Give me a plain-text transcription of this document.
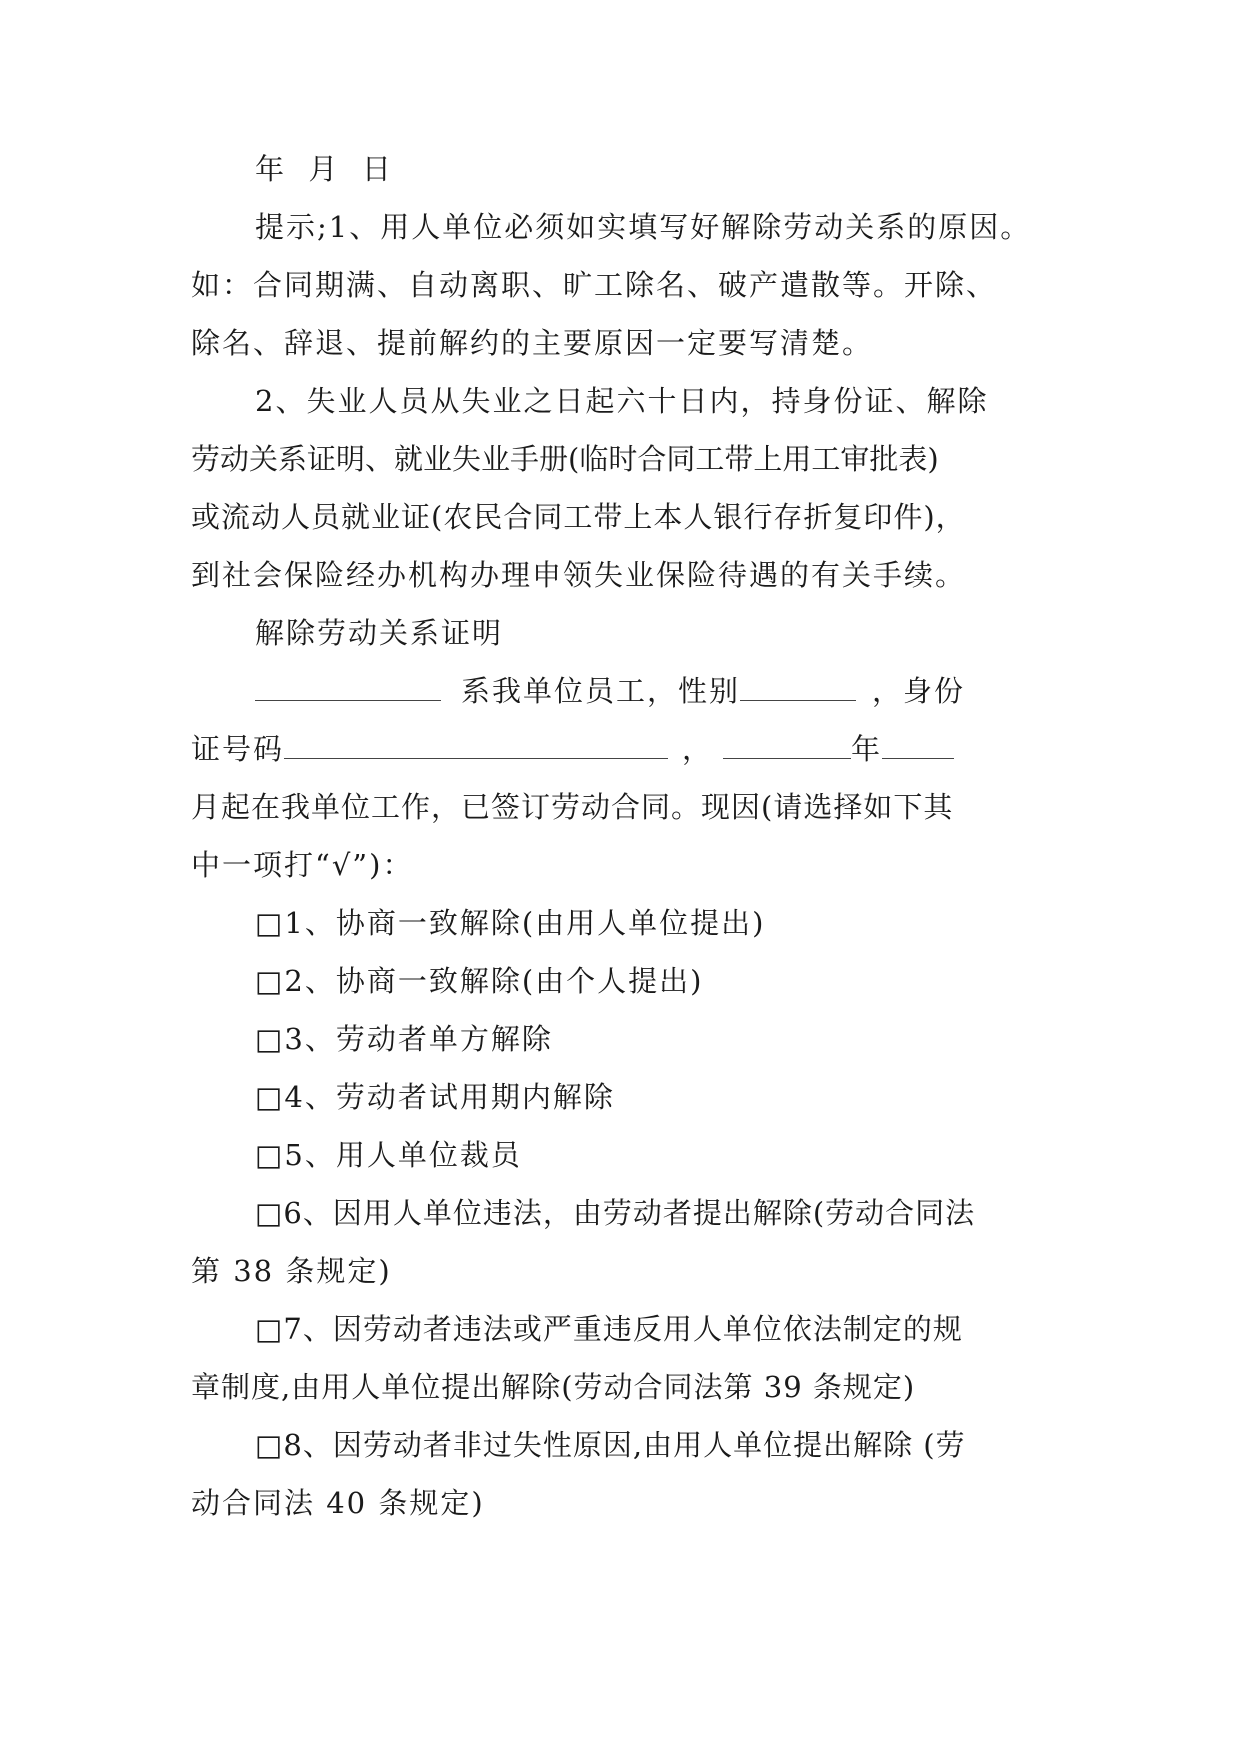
年  月  日
提示;1、用人单位必须如实填写好解除劳动关系的原因。
如：合同期满、自动离职、旷工除名、破产遣散等。开除、
除名、辞退、提前解约的主要原因一定要写清楚。
2、失业人员从失业之日起六十日内，持身份证、解除
劳动关系证明、就业失业手册(临时合同工带上用工审批表)
或流动人员就业证(农民合同工带上本人银行存折复印件)，
到社会保险经办机构办理申领失业保险待遇的有关手续。
解除劳动关系证明
系我单位员工，性别	，身份
证号码	，	年
月起在我单位工作，已签订劳动合同。现因(请选择如下其
中一项打“√”)：
□1、协商一致解除(由用人单位提出)
□2、协商一致解除(由个人提出)
□3、劳动者单方解除
□4、劳动者试用期内解除
□5、用人单位裁员
□6、因用人单位违法，由劳动者提出解除(劳动合同法
第 38 条规定)
□7、因劳动者违法或严重违反用人单位依法制定的规
章制度,由用人单位提出解除(劳动合同法第 39 条规定)
□8、因劳动者非过失性原因,由用人单位提出解除 (劳
动合同法 40 条规定)
